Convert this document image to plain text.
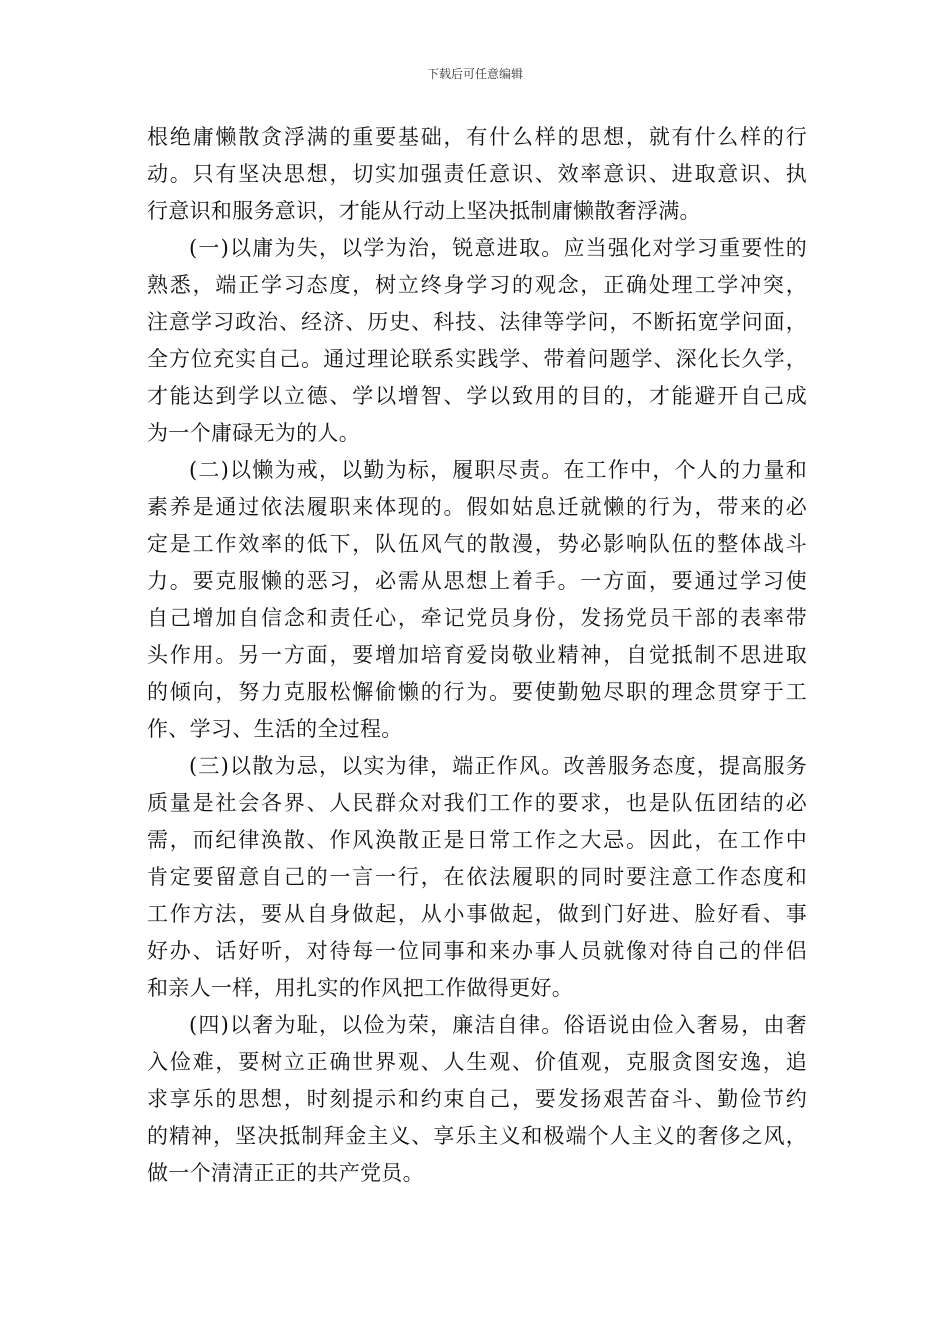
下载后可任意编辑
根绝庸懒散贪浮满的重要基础，有什么样的思想，就有什么样的行
动。只有坚决思想，切实加强责任意识、效率意识、进取意识、执
行意识和服务意识，才能从行动上坚决抵制庸懒散奢浮满。
(一)以庸为失，以学为治，锐意进取。应当强化对学习重要性的
熟悉，端正学习态度，树立终身学习的观念，正确处理工学冲突，
注意学习政治、经济、历史、科技、法律等学问，不断拓宽学问面，
全方位充实自己。通过理论联系实践学、带着问题学、深化长久学，
才能达到学以立德、学以增智、学以致用的目的，才能避开自己成
为一个庸碌无为的人。
(二)以懒为戒，以勤为标，履职尽责。在工作中，个人的力量和
素养是通过依法履职来体现的。假如姑息迁就懒的行为，带来的必
定是工作效率的低下，队伍风气的散漫，势必影响队伍的整体战斗
力。要克服懒的恶习，必需从思想上着手。一方面，要通过学习使
自己增加自信念和责任心，牵记党员身份，发扬党员干部的表率带
头作用。另一方面，要增加培育爱岗敬业精神，自觉抵制不思进取
的倾向，努力克服松懈偷懒的行为。要使勤勉尽职的理念贯穿于工
作、学习、生活的全过程。
(三)以散为忌，以实为律，端正作风。改善服务态度，提高服务
质量是社会各界、人民群众对我们工作的要求，也是队伍团结的必
需，而纪律涣散、作风涣散正是日常工作之大忌。因此，在工作中
肯定要留意自己的一言一行，在依法履职的同时要注意工作态度和
工作方法，要从自身做起，从小事做起，做到门好进、脸好看、事
好办、话好听，对待每一位同事和来办事人员就像对待自己的伴侣
和亲人一样，用扎实的作风把工作做得更好。
(四)以奢为耻，以俭为荣，廉洁自律。俗语说由俭入奢易，由奢
入俭难，要树立正确世界观、人生观、价值观，克服贪图安逸，追
求享乐的思想，时刻提示和约束自己，要发扬艰苦奋斗、勤俭节约
的精神，坚决抵制拜金主义、享乐主义和极端个人主义的奢侈之风，
做一个清清正正的共产党员。
